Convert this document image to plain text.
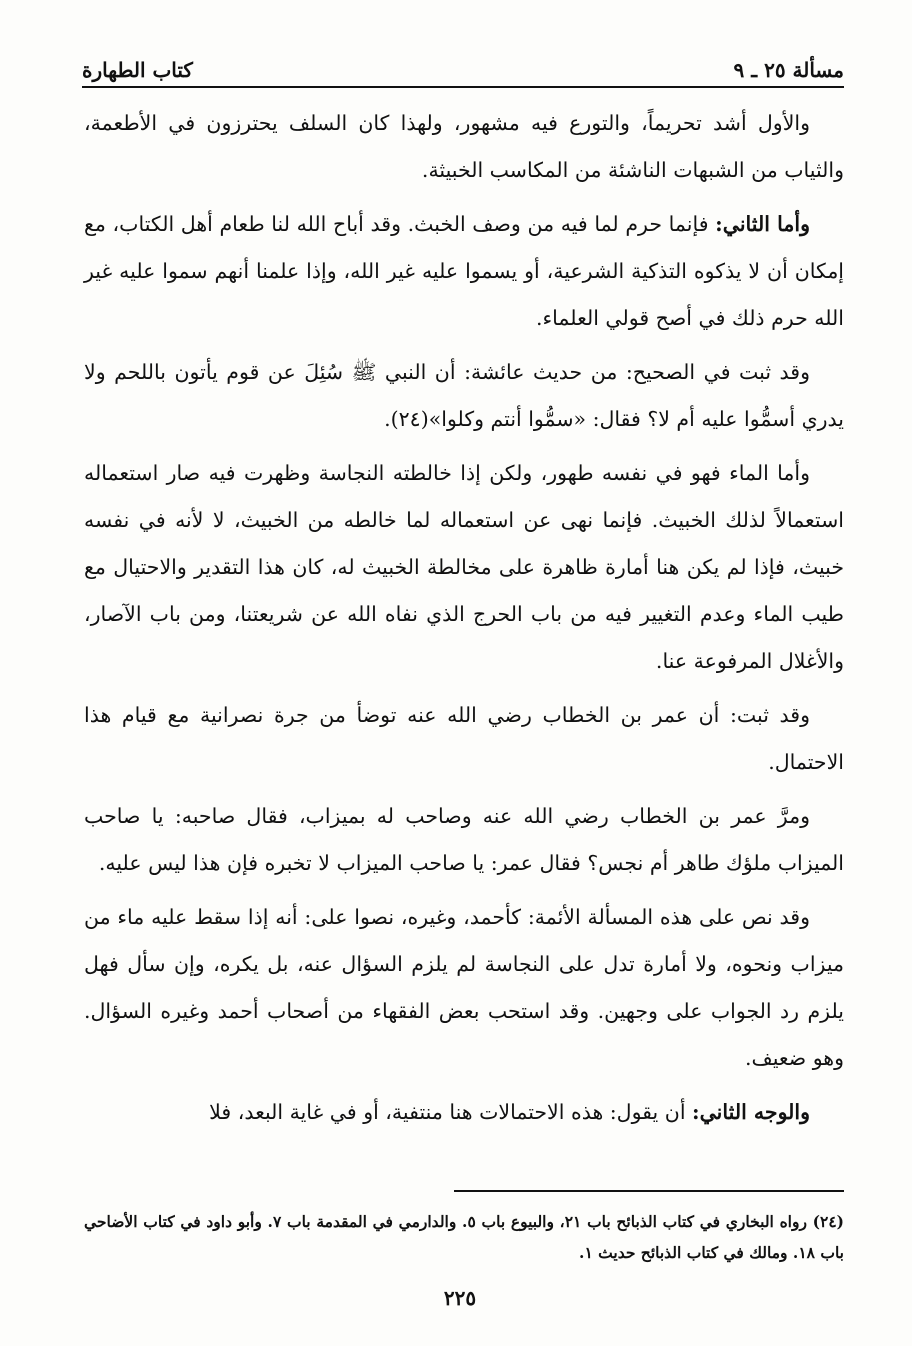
مسألة ٢٥ ـ ٩
كتاب الطهارة

والأول أشد تحريماً، والتورع فيه مشهور، ولهذا كان السلف يحترزون في الأطعمة، والثياب من الشبهات الناشئة من المكاسب الخبيثة.

وأما الثاني: فإنما حرم لما فيه من وصف الخبث. وقد أباح الله لنا طعام أهل الكتاب، مع إمكان أن لا يذكوه التذكية الشرعية، أو يسموا عليه غير الله، وإذا علمنا أنهم سموا عليه غير الله حرم ذلك في أصح قولي العلماء.

وقد ثبت في الصحيح: من حديث عائشة: أن النبي ﷺ سُئِلَ عن قوم يأتون باللحم ولا يدري أسمُّوا عليه أم لا؟ فقال: «سمُّوا أنتم وكلوا»(٢٤).

وأما الماء فهو في نفسه طهور، ولكن إذا خالطته النجاسة وظهرت فيه صار استعماله استعمالاً لذلك الخبيث. فإنما نهى عن استعماله لما خالطه من الخبيث، لا لأنه في نفسه خبيث، فإذا لم يكن هنا أمارة ظاهرة على مخالطة الخبيث له، كان هذا التقدير والاحتيال مع طيب الماء وعدم التغيير فيه من باب الحرج الذي نفاه الله عن شريعتنا، ومن باب الآصار، والأغلال المرفوعة عنا.

وقد ثبت: أن عمر بن الخطاب رضي الله عنه توضأ من جرة نصرانية مع قيام هذا الاحتمال.

ومرَّ عمر بن الخطاب رضي الله عنه وصاحب له بميزاب، فقال صاحبه: يا صاحب الميزاب ملؤك طاهر أم نجس؟ فقال عمر: يا صاحب الميزاب لا تخبره فإن هذا ليس عليه.

وقد نص على هذه المسألة الأئمة: كأحمد، وغيره، نصوا على: أنه إذا سقط عليه ماء من ميزاب ونحوه، ولا أمارة تدل على النجاسة لم يلزم السؤال عنه، بل يكره، وإن سأل فهل يلزم رد الجواب على وجهين. وقد استحب بعض الفقهاء من أصحاب أحمد وغيره السؤال. وهو ضعيف.

والوجه الثاني: أن يقول: هذه الاحتمالات هنا منتفية، أو في غاية البعد، فلا

(٢٤) رواه البخاري في كتاب الذبائح باب ٢١، والبيوع باب ٥. والدارمي في المقدمة باب ٧. وأبو داود في كتاب الأضاحي باب ١٨. ومالك في كتاب الذبائح حديث ١.
٢٢٥
